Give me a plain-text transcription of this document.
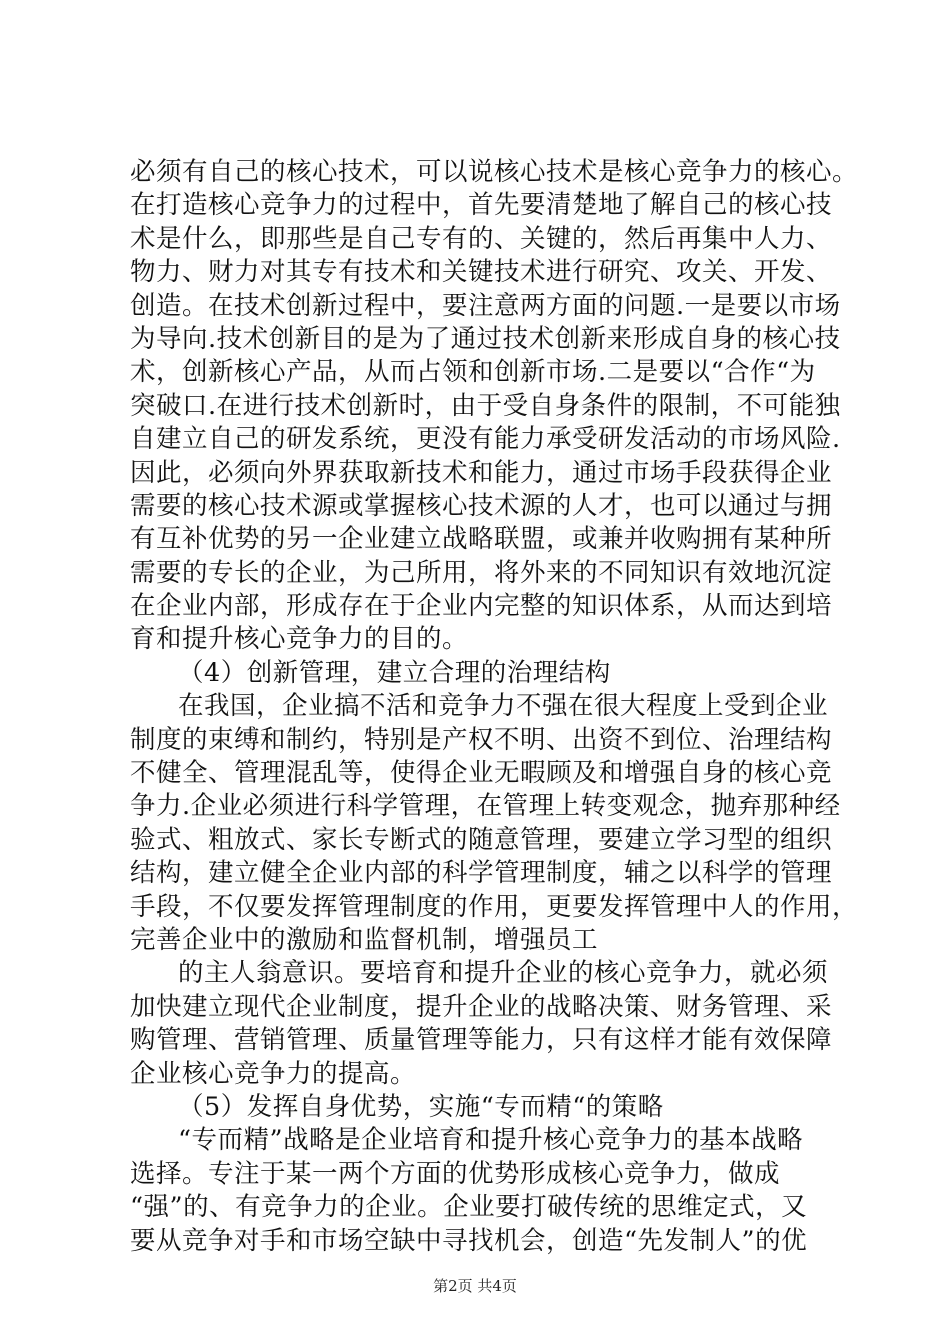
必须有自己的核心技术，可以说核心技术是核心竞争力的核心。
在打造核心竞争力的过程中，首先要清楚地了解自己的核心技
术是什么，即那些是自己专有的、关键的，然后再集中人力、
物力、财力对其专有技术和关键技术进行研究、攻关、开发、
创造。在技术创新过程中，要注意两方面的问题.一是要以市场
为导向.技术创新目的是为了通过技术创新来形成自身的核心技
术，创新核心产品，从而占领和创新市场.二是要以“合作“为
突破口.在进行技术创新时，由于受自身条件的限制，不可能独
自建立自己的研发系统，更没有能力承受研发活动的市场风险.
因此，必须向外界获取新技术和能力，通过市场手段获得企业
需要的核心技术源或掌握核心技术源的人才，也可以通过与拥
有互补优势的另一企业建立战略联盟，或兼并收购拥有某种所
需要的专长的企业，为己所用，将外来的不同知识有效地沉淀
在企业内部，形成存在于企业内完整的知识体系，从而达到培
育和提升核心竞争力的目的。
（4）创新管理，建立合理的治理结构
在我国，企业搞不活和竞争力不强在很大程度上受到企业
制度的束缚和制约，特别是产权不明、出资不到位、治理结构
不健全、管理混乱等，使得企业无暇顾及和增强自身的核心竞
争力.企业必须进行科学管理，在管理上转变观念，抛弃那种经
验式、粗放式、家长专断式的随意管理，要建立学习型的组织
结构，建立健全企业内部的科学管理制度，辅之以科学的管理
手段，不仅要发挥管理制度的作用，更要发挥管理中人的作用，
完善企业中的激励和监督机制，增强员工
的主人翁意识。要培育和提升企业的核心竞争力，就必须
加快建立现代企业制度，提升企业的战略决策、财务管理、采
购管理、营销管理、质量管理等能力，只有这样才能有效保障
企业核心竞争力的提高。
（5）发挥自身优势，实施“专而精“的策略
“专而精”战略是企业培育和提升核心竞争力的基本战略
选择。专注于某一两个方面的优势形成核心竞争力，做成
“强”的、有竞争力的企业。企业要打破传统的思维定式，又
要从竞争对手和市场空缺中寻找机会，创造“先发制人”的优
第2页 共4页
